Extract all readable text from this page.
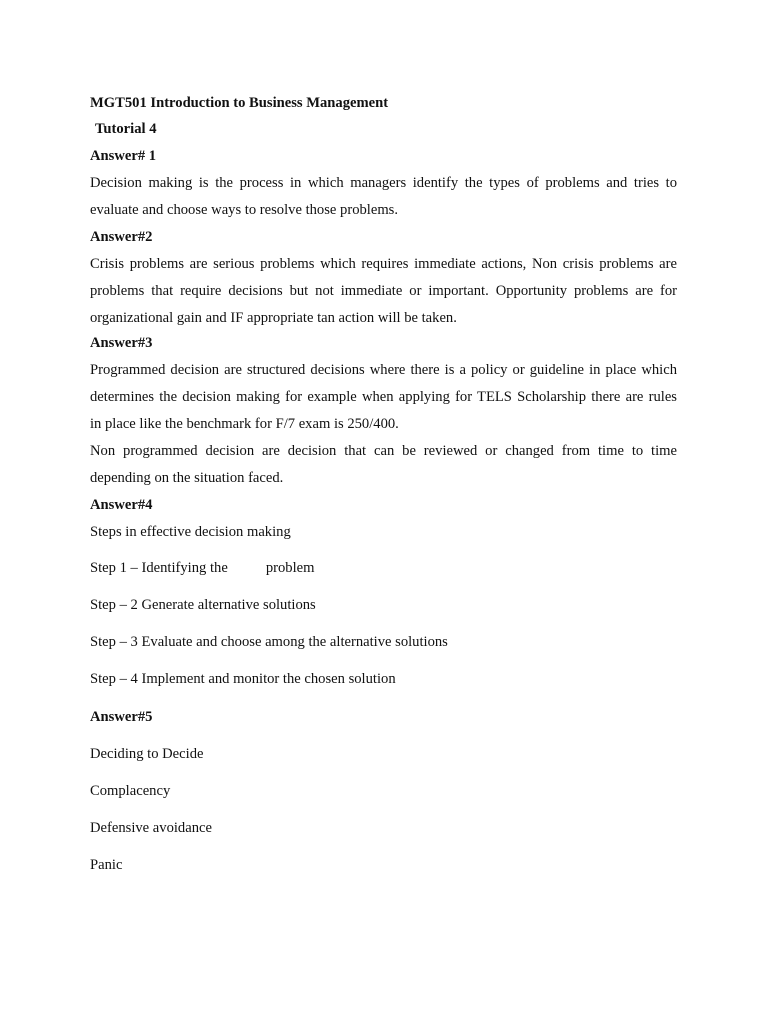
MGT501 Introduction to Business Management

Tutorial 4

Answer# 1

Decision making is the process in which managers identify the types of problems and tries to

evaluate and choose ways to resolve those problems.

Answer#2

Crisis problems are serious problems which requires immediate actions, Non crisis problems are

problems that require decisions but not immediate or important. Opportunity problems are for

organizational gain and IF appropriate tan action will be taken.

Answer#3

Programmed decision are structured decisions where there is a policy or guideline in place which

determines the decision making for example when applying for TELS Scholarship there are rules

in place like the benchmark for F/7 exam is 250/400.

Non programmed decision are decision that can be reviewed or changed from time to time

depending on the situation faced.

Answer#4

Steps in effective decision making

Step 1 – Identifying the	problem

Step – 2 Generate alternative solutions

Step – 3 Evaluate and choose among the alternative solutions

Step – 4 Implement and monitor the chosen solution

Answer#5

Deciding to Decide

Complacency

Defensive avoidance

Panic
